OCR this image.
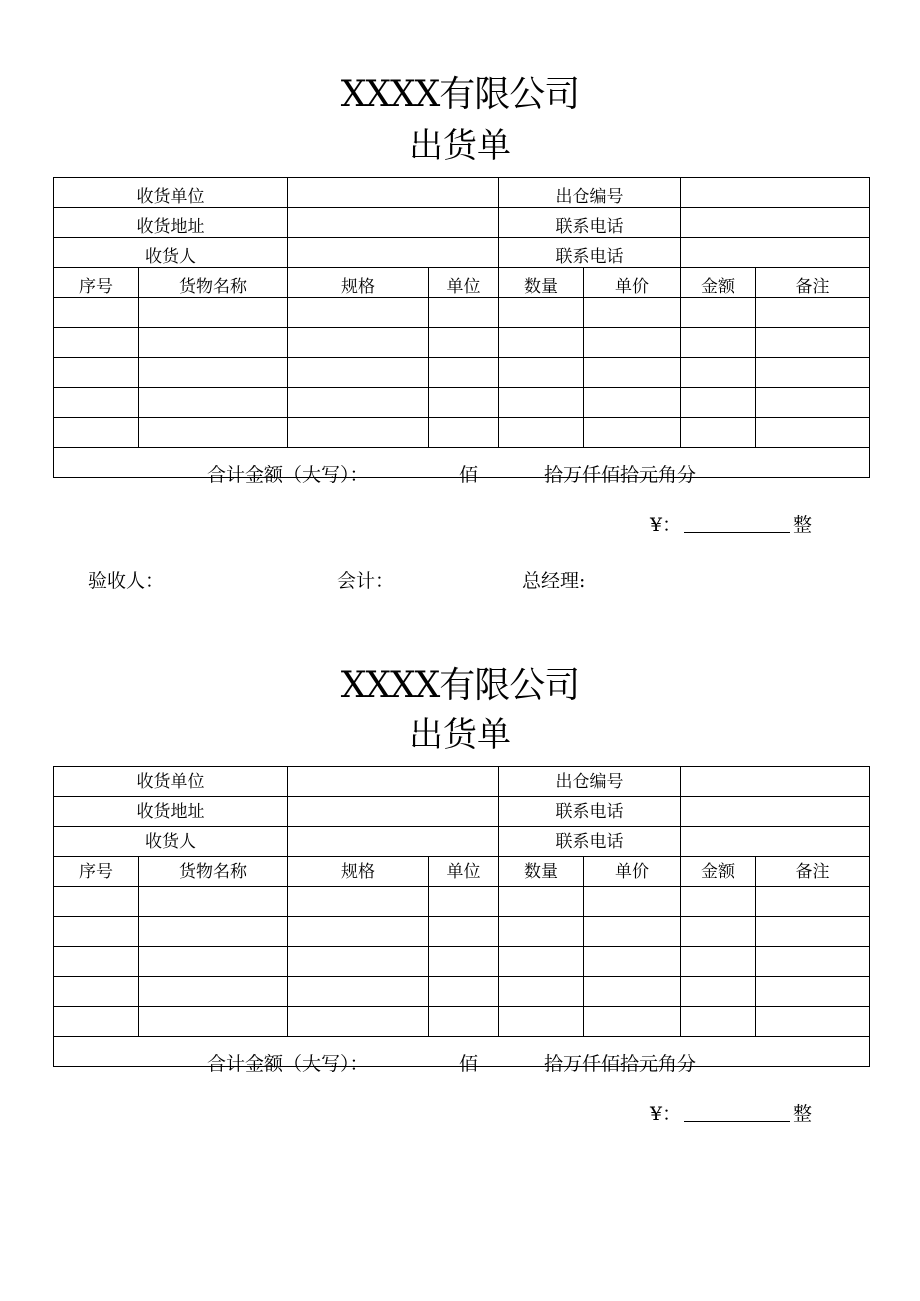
XXXX有限公司
出货单
收货单位				出仓编号			
收货地址				联系电话			
收货人				联系电话			
序号	货物名称	规格	单位	数量	单价	金额	备注

合计金额（大写）： 佰 拾万仟佰拾元角分
¥： 整							
XXXX有限公司
出货单
收货单位				出仓编号			
收货地址				联系电话			
收货人				联系电话			
序号	货物名称	规格	单位	数量	单价	金额	备注

合计金额（大写）： 佰 拾万仟佰拾元角分
¥： 整							
验收人：	会计：	总经理:
